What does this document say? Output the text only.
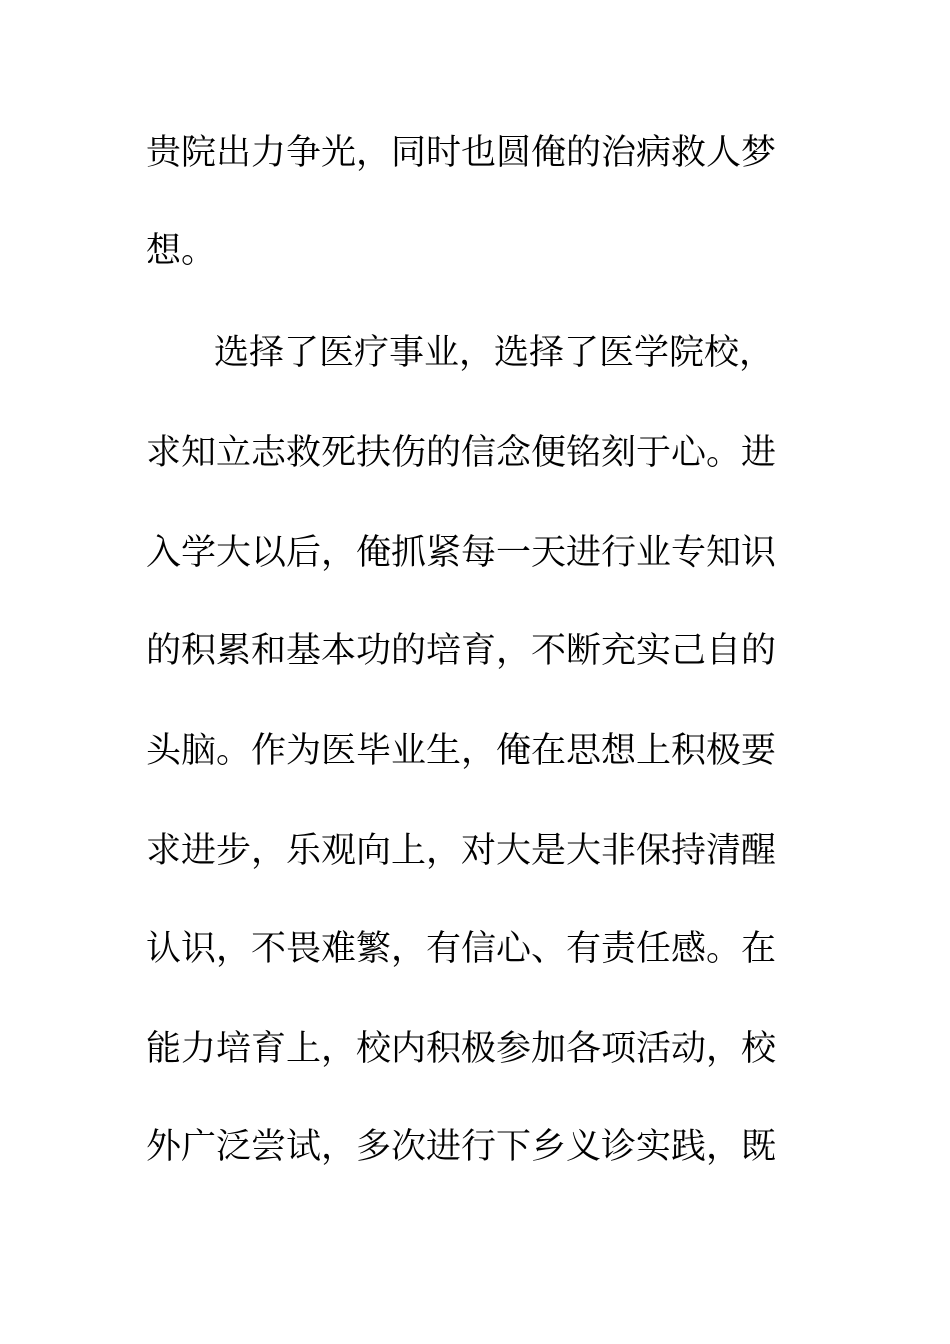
贵院出力争光，同时也圆俺的治病救人梦
想。
选择了医疗事业，选择了医学院校，
求知立志救死扶伤的信念便铭刻于心。进
入学大以后，俺抓紧每一天进行业专知识
的积累和基本功的培育，不断充实己自的
头脑。作为医毕业生，俺在思想上积极要
求进步，乐观向上，对大是大非保持清醒
认识，不畏难繁，有信心、有责任感。在
能力培育上，校内积极参加各项活动，校
外广泛尝试，多次进行下乡义诊实践，既
